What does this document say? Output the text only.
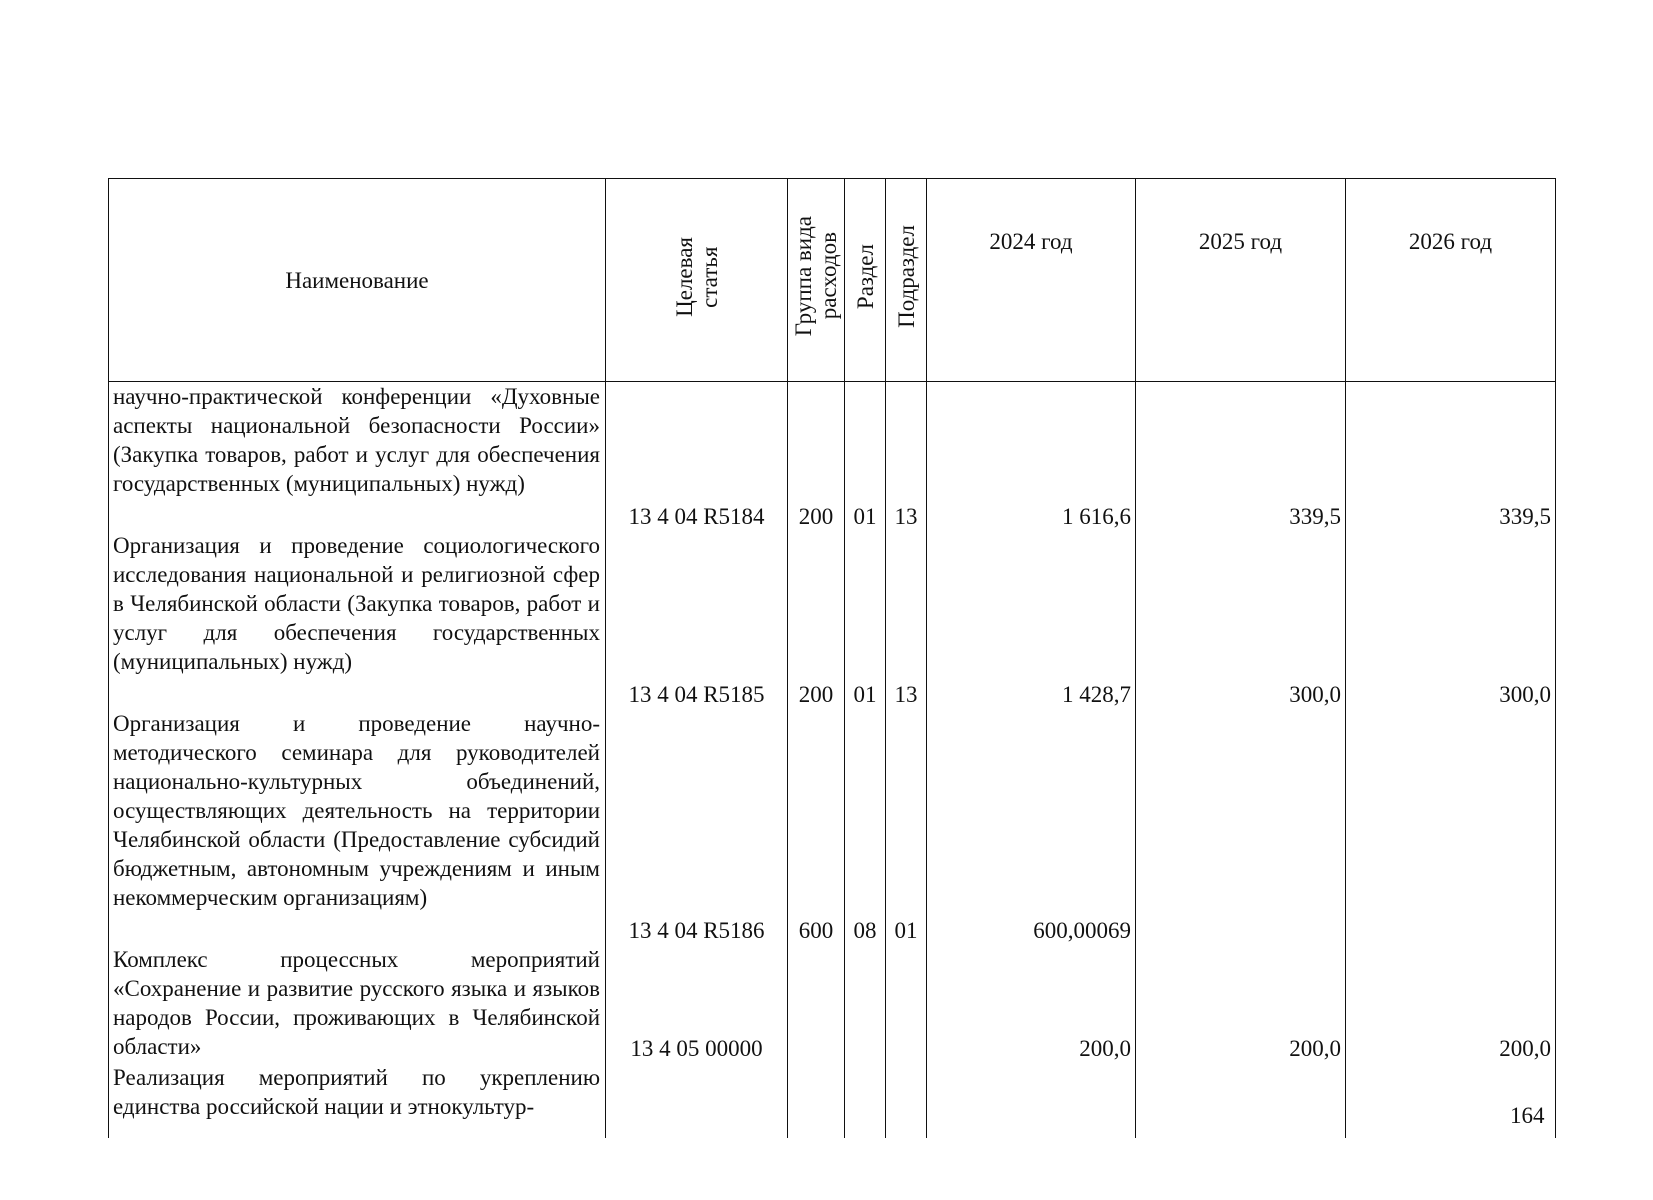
Наименование	Целевая статья	Группа вида расходов	Раздел	Подраздел	2024 год	2025 год	2026 год
научно-практической конференции «Духовные аспекты национальной безопасности России» (Закупка товаров, работ и услуг для обеспечения государственных (муниципальных) нужд)	13 4 04 R5184	200	01	13	1 616,6	339,5	339,5
Организация и проведение социологического исследования национальной и религиозной сфер в Челябинской области (Закупка товаров, работ и услуг для обеспечения государственных (муниципальных) нужд)	13 4 04 R5185	200	01	13	1 428,7	300,0	300,0
Организация и проведение научно-методического семинара для руководителей национально-культурных объединений, осуществляющих деятельность на территории Челябинской области (Предоставление субсидий бюджетным, автономным учреждениям и иным некоммерческим организациям)	13 4 04 R5186	600	08	01	600,00069		
Комплекс процессных мероприятий «Сохранение и развитие русского языка и языков народов России, проживающих в Челябинской области»	13 4 05 00000				200,0	200,0	200,0
Реализация мероприятий по укреплению единства российской нации и этнокультур-								164
